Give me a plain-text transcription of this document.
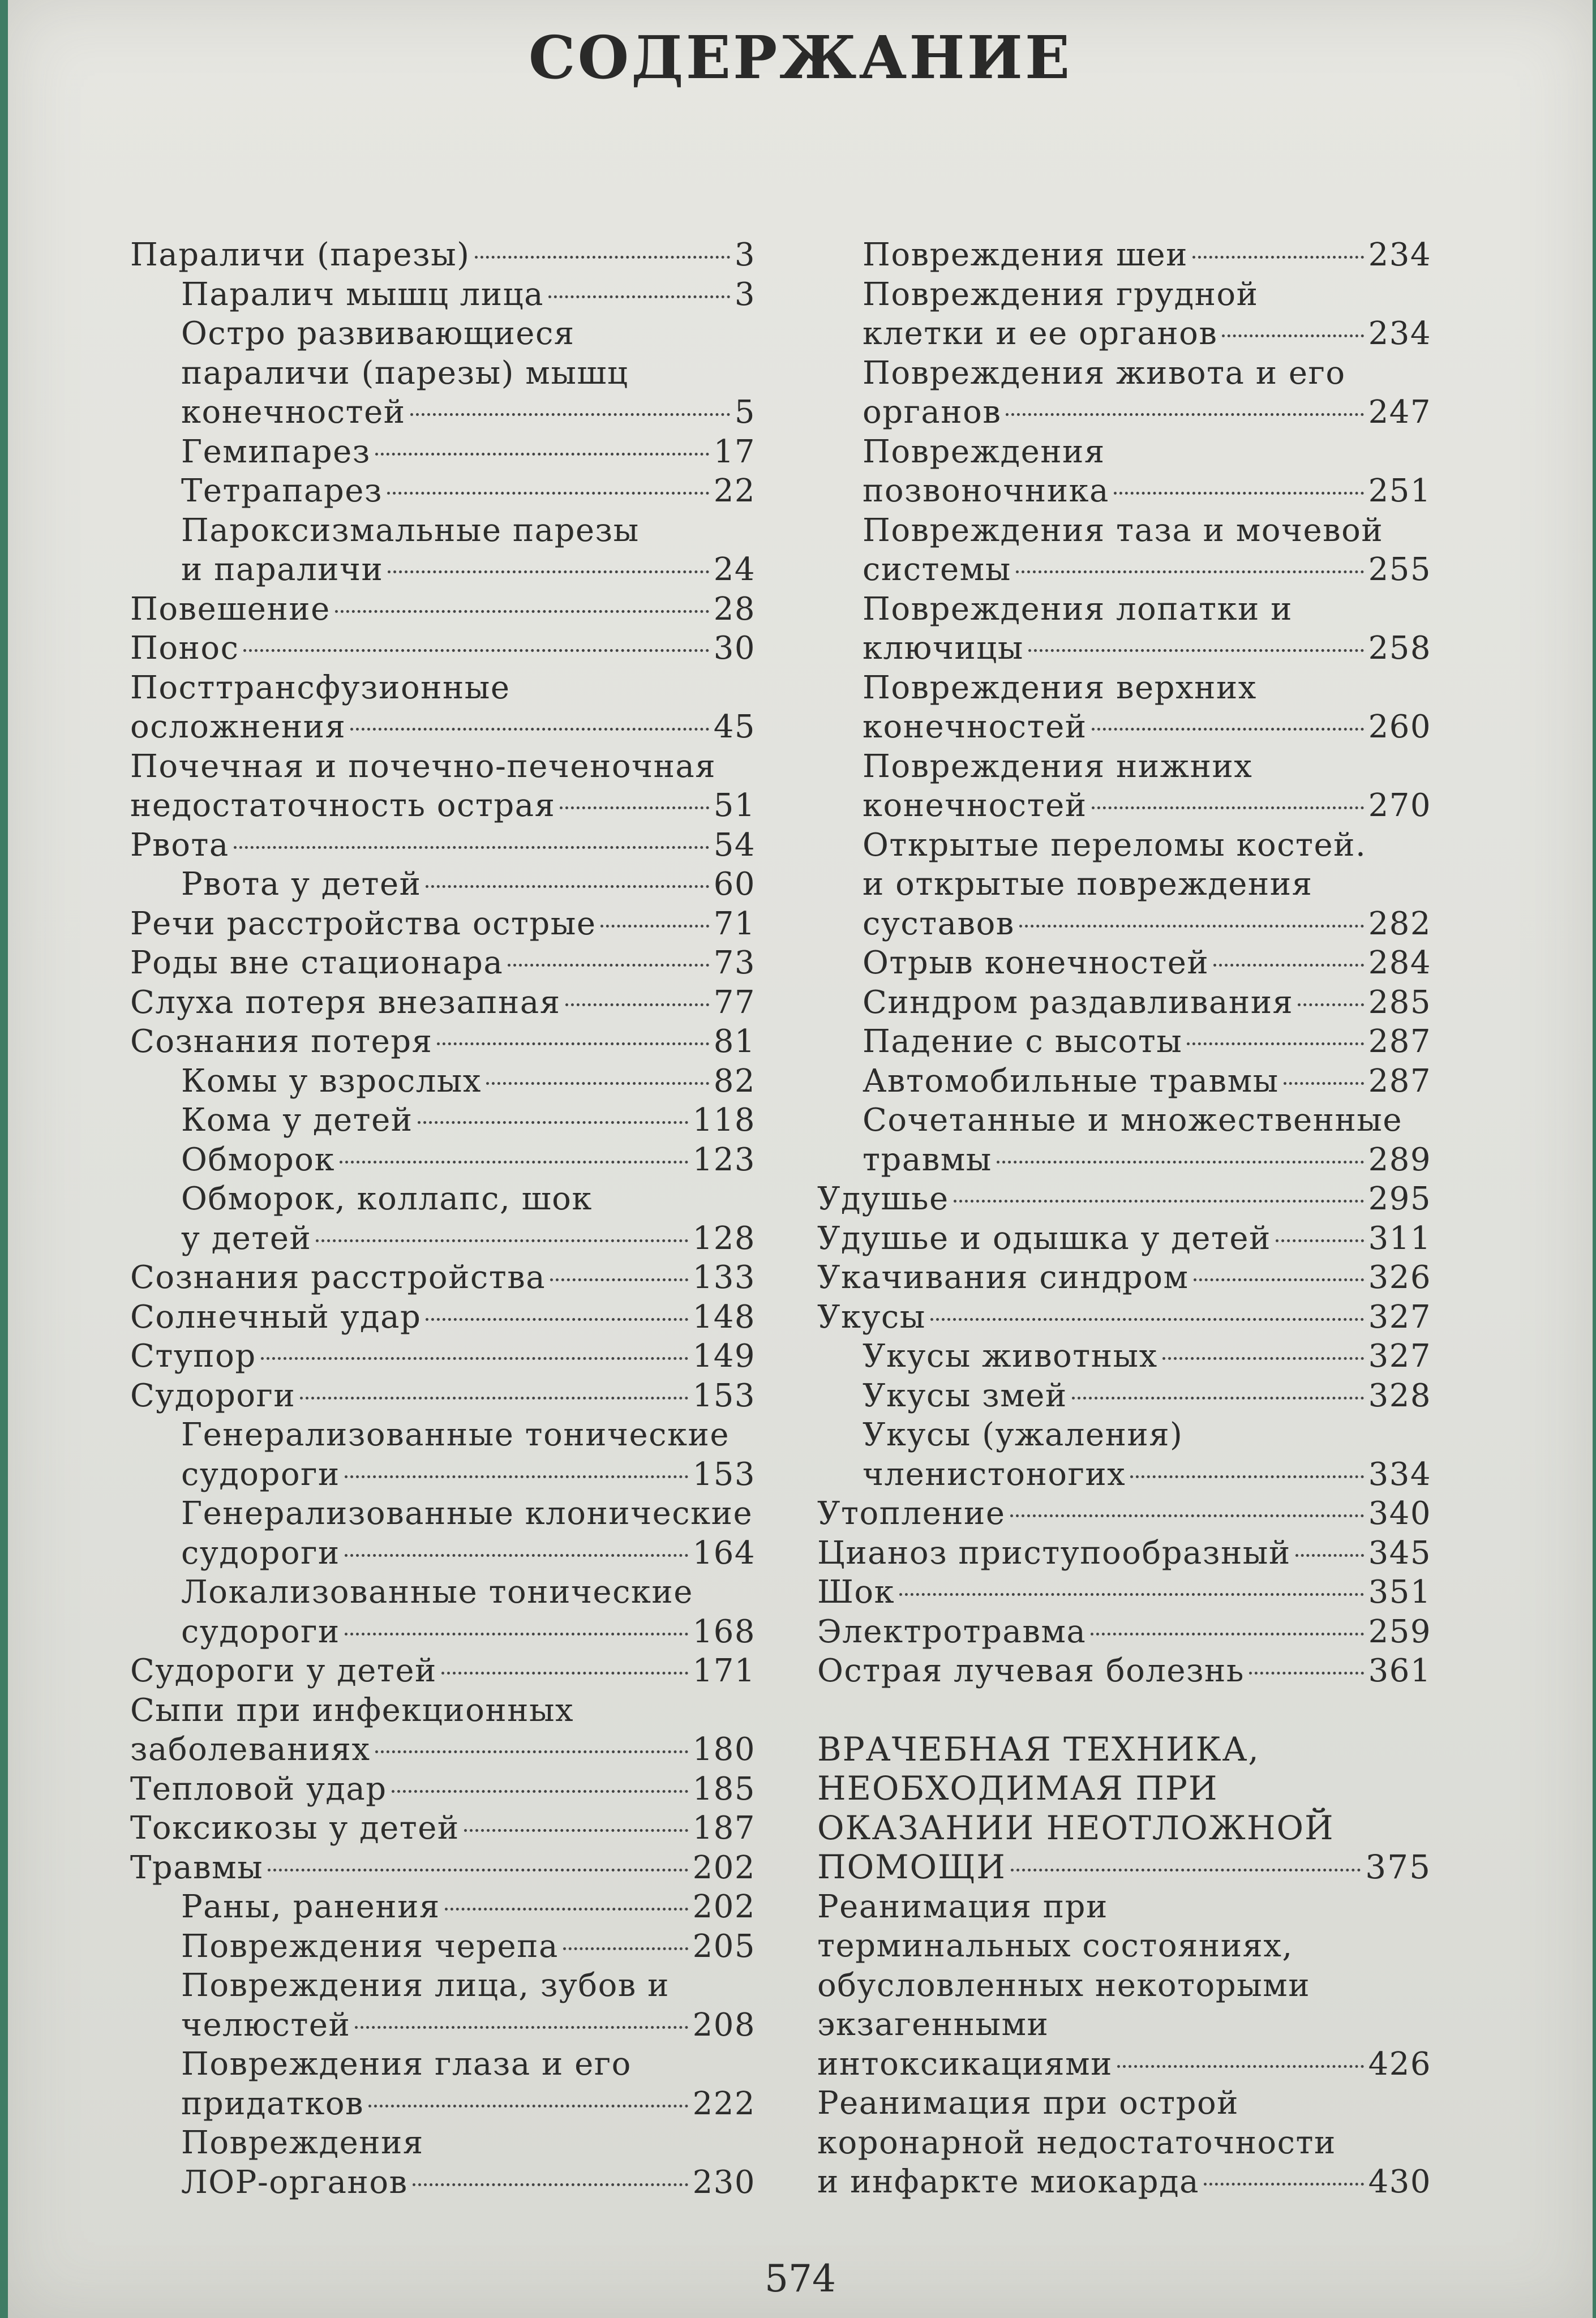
СОДЕРЖАНИЕ
Параличи (парезы)	3
Паралич мышц лица	3
Остро развивающиеся
параличи (парезы) мышц
конечностей	5
Гемипарез	17
Тетрапарез	22
Пароксизмальные парезы
и параличи	24
Повешение	28
Понос	30
Посттрансфузионные
осложнения	45
Почечная и почечно-печеночная
недостаточность острая	51
Рвота	54
Рвота у детей	60
Речи расстройства острые	71
Роды вне стационара	73
Слуха потеря внезапная	77
Сознания потеря	81
Комы у взрослых	82
Кома у детей	118
Обморок	123
Обморок, коллапс, шок
у детей	128
Сознания расстройства	133
Солнечный удар	148
Ступор	149
Судороги	153
Генерализованные тонические
судороги	153
Генерализованные клонические
судороги	164
Локализованные тонические
судороги	168
Судороги у детей	171
Сыпи при инфекционных
заболеваниях	180
Тепловой удар	185
Токсикозы у детей	187
Травмы	202
Раны, ранения	202
Повреждения черепа	205
Повреждения лица, зубов и
челюстей	208
Повреждения глаза и его
придатков	222
Повреждения
ЛОР-органов	230
Повреждения шеи	234
Повреждения грудной
клетки и ее органов	234
Повреждения живота и его
органов	247
Повреждения
позвоночника	251
Повреждения таза и мочевой
системы	255
Повреждения лопатки и
ключицы	258
Повреждения верхних
конечностей	260
Повреждения нижних
конечностей	270
Открытые переломы костей.
и открытые повреждения
суставов	282
Отрыв конечностей	284
Синдром раздавливания 285
Падение с высоты	287
Автомобильные травмы	287
Сочетанные и множественные
травмы	289
Удушье	295
Удушье и одышка у детей	311
Укачивания синдром	326
Укусы	327
Укусы животных	327
Укусы змей	328
Укусы (ужаления)
членистоногих	334
Утопление	340
Цианоз приступообразный 345
Шок	351
Электротравма	259
Острая лучевая болезнь	361
ВРАЧЕБНАЯ ТЕХНИКА,
НЕОБХОДИМАЯ ПРИ
ОКАЗАНИИ НЕОТЛОЖНОЙ
ПОМОЩИ	375
Реанимация при
терминальных состояниях,
обусловленных некоторыми
экзагенными
интоксикациями	426
Реанимация при острой
коронарной недостаточности
и инфаркте миокарда	430
574
